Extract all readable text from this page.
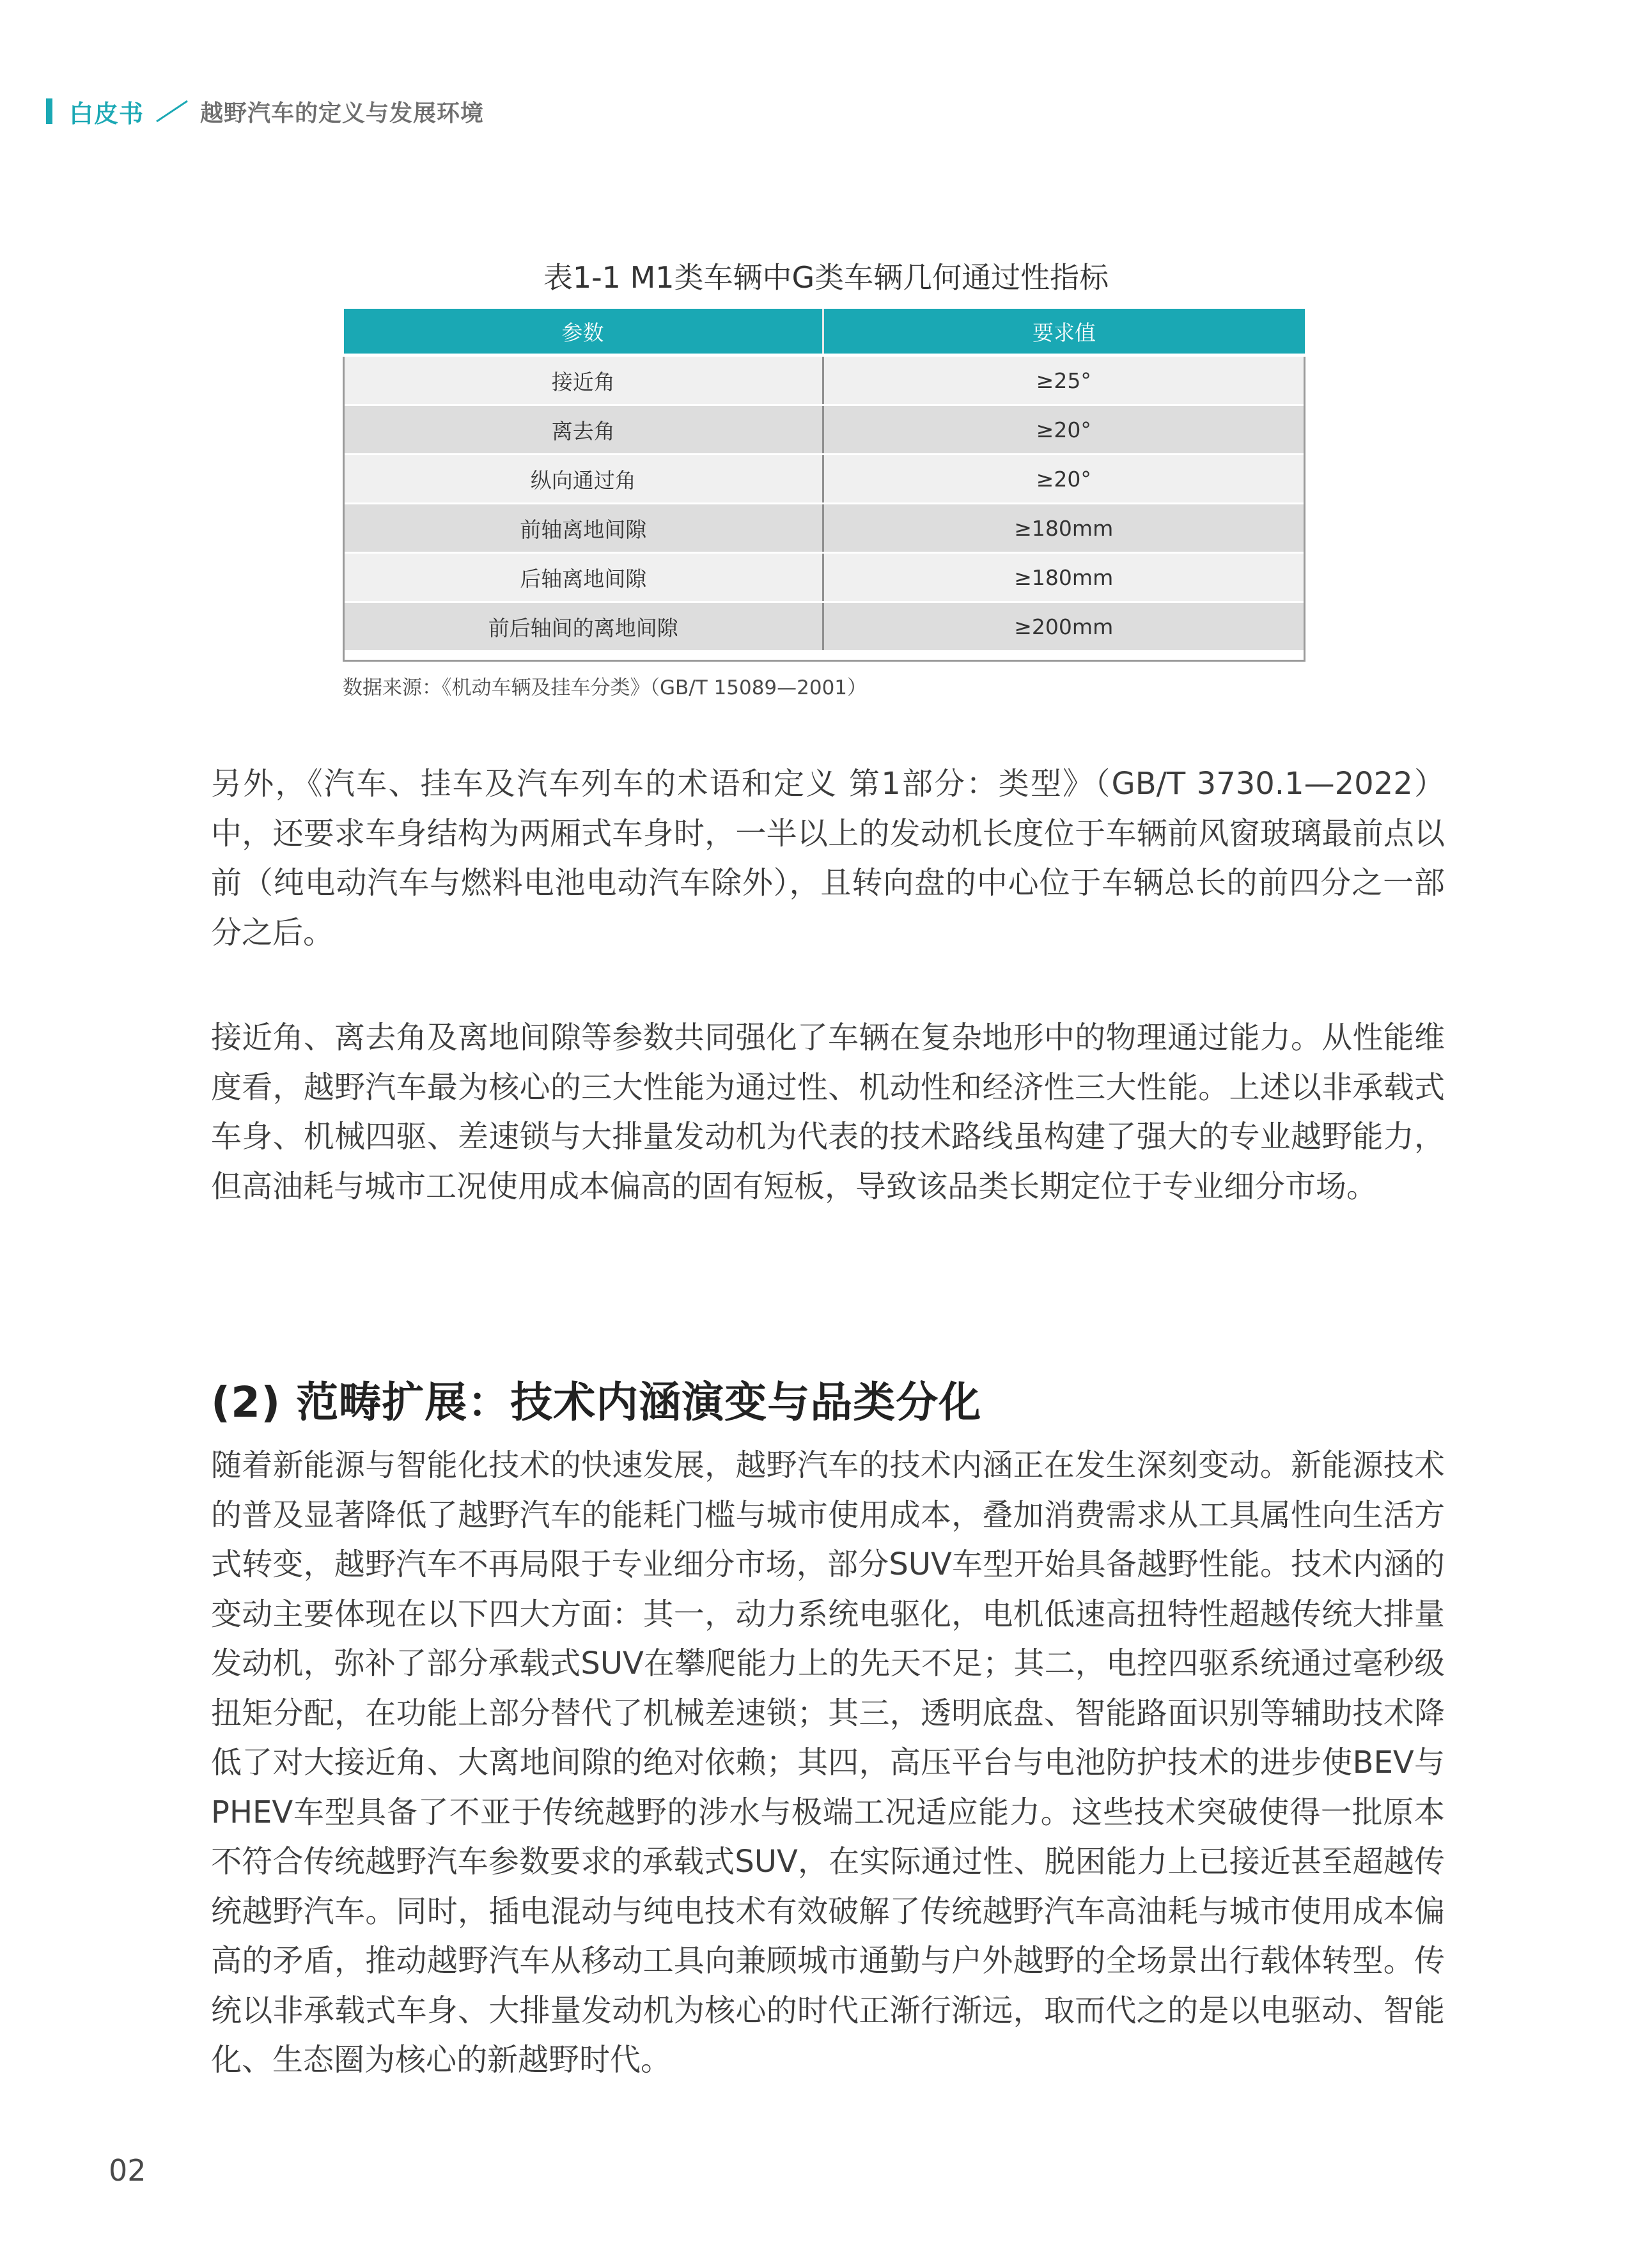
白皮书 越野汽车的定义与发展环境
表1-1 M1类车辆中G类车辆几何通过性指标
参数	要求值
接近角	≥25°
离去角	≥20°
纵向通过角	≥20°
前轴离地间隙	≥180mm
后轴离地间隙	≥180mm
前后轴间的离地间隙	≥200mm
数据来源：《机动车辆及挂车分类》（GB/T 15089—2001）

另外，《汽车、挂车及汽车列车的术语和定义 第1部分：类型》（GB/T 3730.1—2022）中，还要求车身结构为两厢式车身时，一半以上的发动机长度位于车辆前风窗玻璃最前点以前（纯电动汽车与燃料电池电动汽车除外），且转向盘的中心位于车辆总长的前四分之一部分之后。

接近角、离去角及离地间隙等参数共同强化了车辆在复杂地形中的物理通过能力。从性能维度看，越野汽车最为核心的三大性能为通过性、机动性和经济性三大性能。上述以非承载式车身、机械四驱、差速锁与大排量发动机为代表的技术路线虽构建了强大的专业越野能力，但高油耗与城市工况使用成本偏高的固有短板，导致该品类长期定位于专业细分市场。

(2) 范畴扩展：技术内涵演变与品类分化

随着新能源与智能化技术的快速发展，越野汽车的技术内涵正在发生深刻变动。新能源技术的普及显著降低了越野汽车的能耗门槛与城市使用成本，叠加消费需求从工具属性向生活方式转变，越野汽车不再局限于专业细分市场，部分SUV车型开始具备越野性能。技术内涵的变动主要体现在以下四大方面：其一，动力系统电驱化，电机低速高扭特性超越传统大排量发动机，弥补了部分承载式SUV在攀爬能力上的先天不足；其二，电控四驱系统通过毫秒级扭矩分配，在功能上部分替代了机械差速锁；其三，透明底盘、智能路面识别等辅助技术降低了对大接近角、大离地间隙的绝对依赖；其四，高压平台与电池防护技术的进步使BEV与PHEV车型具备了不亚于传统越野的涉水与极端工况适应能力。这些技术突破使得一批原本不符合传统越野汽车参数要求的承载式SUV，在实际通过性、脱困能力上已接近甚至超越传统越野汽车。同时，插电混动与纯电技术有效破解了传统越野汽车高油耗与城市使用成本偏高的矛盾，推动越野汽车从移动工具向兼顾城市通勤与户外越野的全场景出行载体转型。传统以非承载式车身、大排量发动机为核心的时代正渐行渐远，取而代之的是以电驱动、智能化、生态圈为核心的新越野时代。

02
